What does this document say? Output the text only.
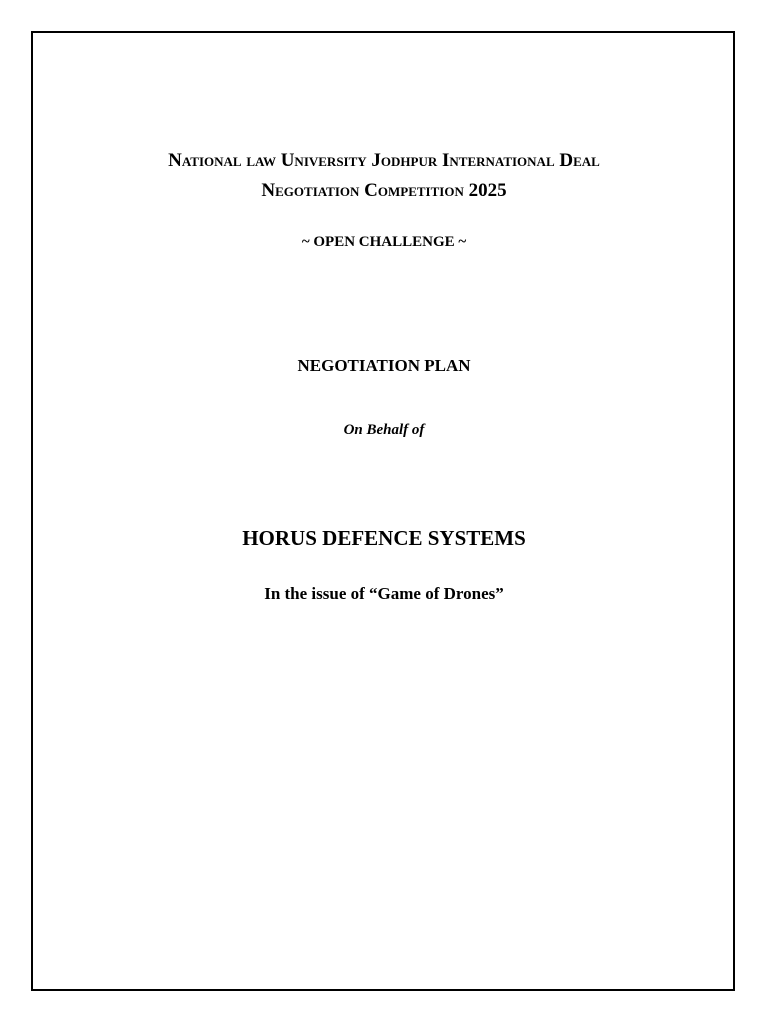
National law University Jodhpur International Deal
Negotiation Competition 2025
~ OPEN CHALLENGE ~
NEGOTIATION PLAN
On Behalf of
HORUS DEFENCE SYSTEMS
In the issue of “Game of Drones”
